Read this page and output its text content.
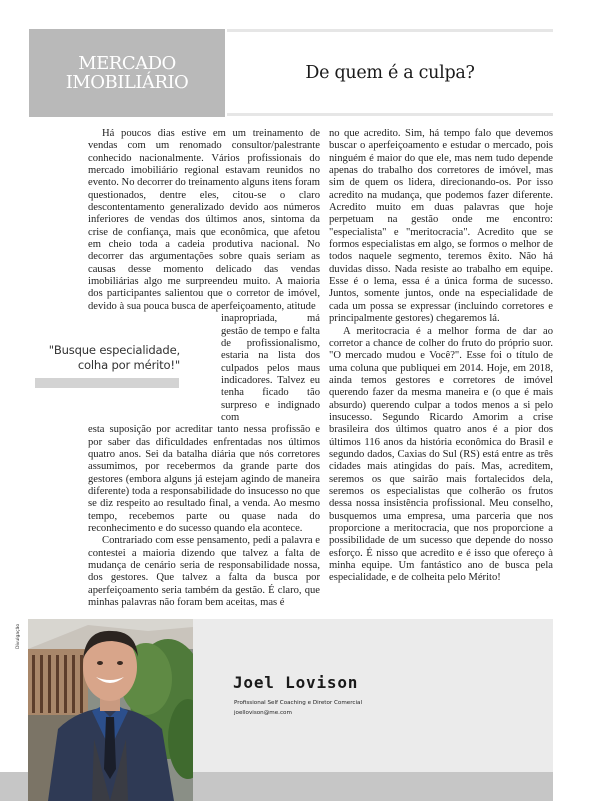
MERCADO
IMOBILIÁRIO	De quem é a culpa?

Há poucos dias estive em um treinamento de vendas com um renomado consultor/palestrante conhecido nacionalmente. Vários profissionais do mercado imobiliário regional estavam reunidos no evento. No decorrer do treinamento alguns itens foram questionados, dentre eles, citou-se o claro descontentamento generalizado devido aos números inferiores de vendas dos últimos anos, sintoma da crise de confiança, mais que econômica, que afetou em cheio toda a cadeia produtiva nacional. No decorrer das argumentações sobre quais seriam as causas desse momento delicado das vendas imobiliárias algo me surpreendeu muito. A maioria dos participantes salientou que o corretor de imóvel, devido à sua pouca busca de aperfeiçoamento, atitude

inapropriada, má gestão de tempo e falta de profissionalismo, estaria na lista dos culpados pelos maus indicadores. Talvez eu tenha ficado tão surpreso e indignado com

esta suposição por acreditar tanto nessa profissão e por saber das dificuldades enfrentadas nos últimos quatro anos. Sei da batalha diária que nós corretores assumimos, por recebermos da grande parte dos gestores (embora alguns já estejam agindo de maneira diferente) toda a responsabilidade do insucesso no que se diz respeito ao resultado final, a venda. Ao mesmo tempo, recebemos parte ou quase nada do reconhecimento e do sucesso quando ela acontece.

Contrariado com esse pensamento, pedi a palavra e contestei a maioria dizendo que talvez a falta de mudança de cenário seria de responsabilidade nossa, dos gestores. Que talvez a falta da busca por aperfeiçoamento seria também da gestão. É claro, que minhas palavras não foram bem aceitas, mas é

"Busque especialidade,
colha por mérito!"

no que acredito. Sim, há tempo falo que devemos buscar o aperfeiçoamento e estudar o mercado, pois ninguém é maior do que ele, mas nem tudo depende apenas do trabalho dos corretores de imóvel, mas sim de quem os lidera, direcionando-os. Por isso acredito na mudança, que podemos fazer diferente. Acredito muito em duas palavras que hoje perpetuam na gestão onde me encontro: "especialista" e "meritocracia". Acredito que se formos especialistas em algo, se formos o melhor de todos naquele segmento, teremos êxito. Não há duvidas disso. Nada resiste ao trabalho em equipe. Esse é o lema, essa é a única forma de sucesso. Juntos, somente juntos, onde na especialidade de cada um possa se expressar (incluindo corretores e principalmente gestores) chegaremos lá.

A meritocracia é a melhor forma de dar ao corretor a chance de colher do fruto do próprio suor. "O mercado mudou e Você?". Esse foi o título de uma coluna que publiquei em 2014. Hoje, em 2018, ainda temos gestores e corretores de imóvel querendo fazer da mesma maneira e (o que é mais absurdo) querendo culpar a todos menos a si pelo insucesso. Segundo Ricardo Amorim a crise brasileira dos últimos quatro anos é a pior dos últimos 116 anos da história econômica do Brasil e segundo dados, Caxias do Sul (RS) está entre as três cidades mais atingidas do país. Mas, acreditem, seremos os que sairão mais fortalecidos dela, seremos os especialistas que colherão os frutos dessa nossa insistência profissional. Meu conselho, busquemos uma empresa, uma parceria que nos proporcione a meritocracia, que nos proporcione a possibilidade de um sucesso que depende do nosso esforço. É nisso que acredito e é isso que ofereço à minha equipe. Um fantástico ano de busca pela especialidade, e de colheita pelo Mérito!

Divulgação
Joel Lovison
Profissional Self Coaching e Diretor Comercial
joellovison@me.com
